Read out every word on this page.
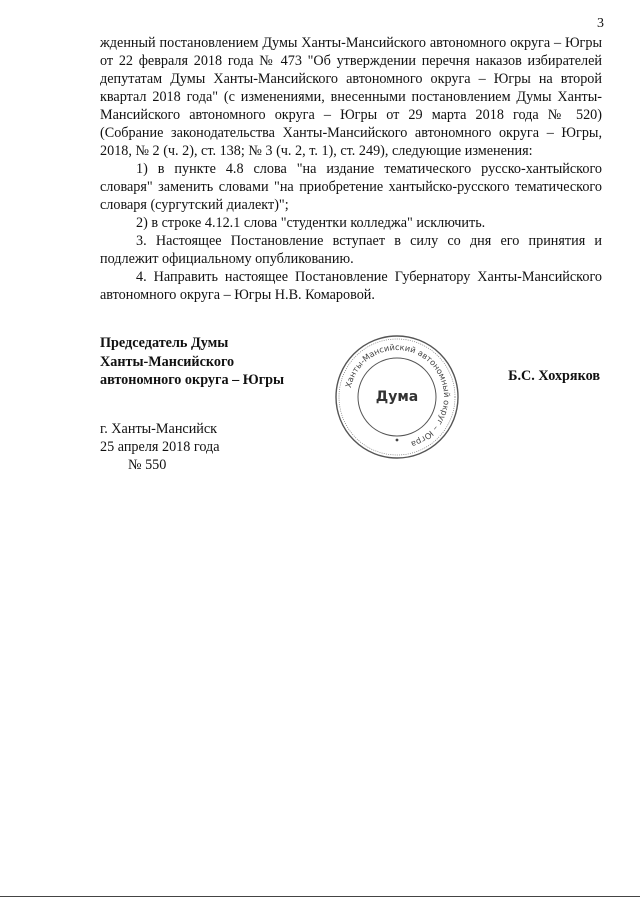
3

жденный постановлением Думы Ханты-Мансийского автономного округа – Югры от 22 февраля 2018 года № 473 "Об утверждении перечня наказов избирателей депутатам Думы Ханты-Мансийского автономного округа – Югры на второй квартал 2018 года" (с изменениями, внесенными постановлением Думы Ханты-Мансийского автономного округа – Югры от 29 марта 2018 года № 520) (Собрание законодательства Ханты-Мансийского автономного округа – Югры, 2018, № 2 (ч. 2), ст. 138; № 3 (ч. 2, т. 1), ст. 249), следующие изменения:

1) в пункте 4.8 слова "на издание тематического русско-хантыйского словаря" заменить словами "на приобретение хантыйско-русского тематического словаря (сургутский диалект)";

2) в строке 4.12.1 слова "студентки колледжа" исключить.

3. Настоящее Постановление вступает в силу со дня его принятия и подлежит официальному опубликованию.

4. Направить настоящее Постановление Губернатору Ханты-Мансийского автономного округа – Югры Н.В. Комаровой.

Председатель Думы
Ханты-Мансийского
автономного округа – Югры	Ханты-Мансийский автономный округ – Югра
Дума
Б.С. Хохряков
г. Ханты-Мансийск
25 апреля 2018 года
№ 550
